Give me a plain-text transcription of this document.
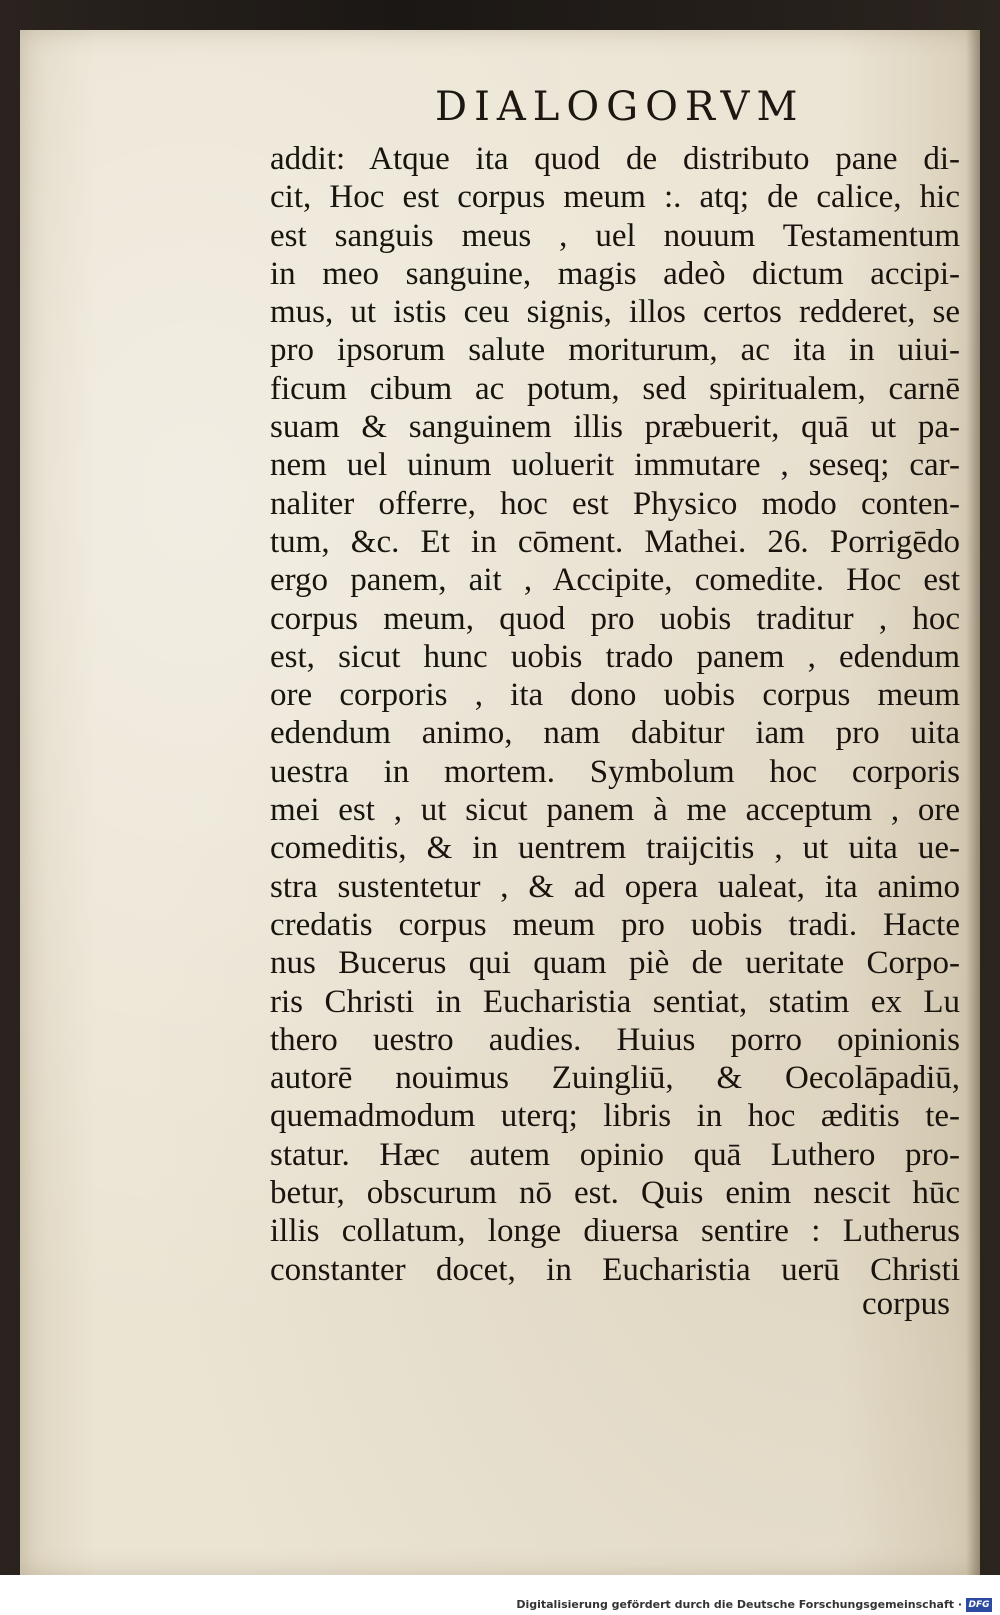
DIALOGORVM
addit: Atque ita quod de distributo pane di-
cit, Hoc est corpus meum :. atq; de calice, hic
est sanguis meus , uel nouum Testamentum
in meo sanguine, magis adeò dictum accipi-
mus, ut istis ceu signis, illos certos redderet, se
pro ipsorum salute moriturum, ac ita in uiui-
ficum cibum ac potum, sed spiritualem, carnē
suam & sanguinem illis præbuerit, quā ut pa-
nem uel uinum uoluerit immutare , seseq; car-
naliter offerre, hoc est Physico modo conten-
tum, &c. Et in cōment. Mathei. 26. Porrigēdo
ergo panem, ait , Accipite, comedite. Hoc est
corpus meum, quod pro uobis traditur , hoc
est, sicut hunc uobis trado panem , edendum
ore corporis , ita dono uobis corpus meum
edendum animo, nam dabitur iam pro uita
uestra in mortem. Symbolum hoc corporis
mei est , ut sicut panem à me acceptum , ore
comeditis, & in uentrem traijcitis , ut uita ue-
stra sustentetur , & ad opera ualeat, ita animo
credatis corpus meum pro uobis tradi. Hacte
nus Bucerus qui quam piè de ueritate Corpo-
ris Christi in Eucharistia sentiat, statim ex Lu
thero uestro audies. Huius porro opinionis
autorē nouimus Zuingliū, & Oecolāpadiū,
quemadmodum uterq; libris in hoc æditis te-
statur. Hæc autem opinio quā Luthero pro-
betur, obscurum nō est. Quis enim nescit hūc
illis collatum, longe diuersa sentire : Lutherus
constanter docet, in Eucharistia uerū Christi
corpus
Digitalisierung gefördert durch die Deutsche Forschungsgemeinschaft · DFG
